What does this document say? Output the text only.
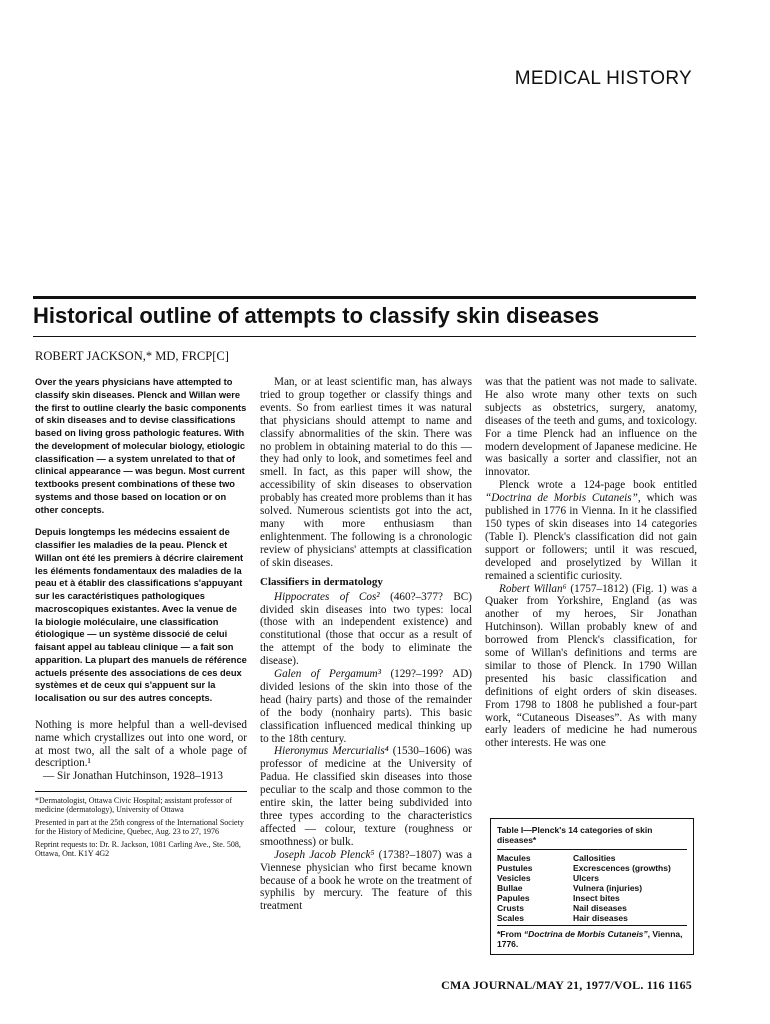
MEDICAL HISTORY
Historical outline of attempts to classify skin diseases
ROBERT JACKSON,* MD, FRCP[C]

Over the years physicians have attempted to classify skin diseases. Plenck and Willan were the first to outline clearly the basic components of skin diseases and to devise classifications based on living gross pathologic features. With the development of molecular biology, etiologic classification — a system unrelated to that of clinical appearance — was begun. Most current textbooks present combinations of these two systems and those based on location or on other concepts.

Depuis longtemps les médecins essaient de classifier les maladies de la peau. Plenck et Willan ont été les premiers à décrire clairement les éléments fondamentaux des maladies de la peau et à établir des classifications s'appuyant sur les caractéristiques pathologiques macroscopiques existantes. Avec la venue de la biologie moléculaire, une classification étiologique — un système dissocié de celui faisant appel au tableau clinique — a fait son apparition. La plupart des manuels de référence actuels présente des associations de ces deux systèmes et de ceux qui s'appuent sur la localisation ou sur des autres concepts.

Nothing is more helpful than a well-devised name which crystallizes out into one word, or at most two, all the salt of a whole page of description.¹

— Sir Jonathan Hutchinson, 1928–1913

*Dermatologist, Ottawa Civic Hospital; assistant professor of medicine (dermatology), University of Ottawa

Presented in part at the 25th congress of the International Society for the History of Medicine, Quebec, Aug. 23 to 27, 1976

Reprint requests to: Dr. R. Jackson, 1081 Carling Ave., Ste. 508, Ottawa, Ont. K1Y 4G2

Man, or at least scientific man, has always tried to group together or classify things and events. So from earliest times it was natural that physicians should attempt to name and classify abnormalities of the skin. There was no problem in obtaining material to do this — they had only to look, and sometimes feel and smell. In fact, as this paper will show, the accessibility of skin diseases to observation probably has created more problems than it has solved. Numerous scientists got into the act, many with more enthusiasm than enlightenment. The following is a chronologic review of physicians' attempts at classification of skin diseases.

Classifiers in dermatology

Hippocrates of Cos² (460?–377? BC) divided skin diseases into two types: local (those with an independent existence) and constitutional (those that occur as a result of the attempt of the body to eliminate the disease).

Galen of Pergamum³ (129?–199? AD) divided lesions of the skin into those of the head (hairy parts) and those of the remainder of the body (nonhairy parts). This basic classification influenced medical thinking up to the 18th century.

Hieronymus Mercurialis⁴ (1530–1606) was professor of medicine at the University of Padua. He classified skin diseases into those peculiar to the scalp and those common to the entire skin, the latter being subdivided into three types according to the characteristics affected — colour, texture (roughness or smoothness) or bulk.

Joseph Jacob Plenck⁵ (1738?–1807) was a Viennese physician who first became known because of a book he wrote on the treatment of syphilis by mercury. The feature of this treatment

was that the patient was not made to salivate. He also wrote many other texts on such subjects as obstetrics, surgery, anatomy, diseases of the teeth and gums, and toxicology. For a time Plenck had an influence on the modern development of Japanese medicine. He was basically a sorter and classifier, not an innovator.

Plenck wrote a 124-page book entitled “Doctrina de Morbis Cutaneis”, which was published in 1776 in Vienna. In it he classified 150 types of skin diseases into 14 categories (Table I). Plenck's classification did not gain support or followers; until it was rescued, developed and proselytized by Willan it remained a scientific curiosity.

Robert Willan⁶ (1757–1812) (Fig. 1) was a Quaker from Yorkshire, England (as was another of my heroes, Sir Jonathan Hutchinson). Willan probably knew of and borrowed from Plenck's classification, for some of Willan's definitions and terms are similar to those of Plenck. In 1790 Willan presented his basic classification and definitions of eight orders of skin diseases. From 1798 to 1808 he published a four-part work, “Cutaneous Diseases”. As with many early leaders of medicine he had numerous other interests. He was one

Table I—Plenck's 14 categories of skin diseases*

Macules	Callosities
Pustules	Excrescences (growths)
Vesicles	Ulcers
Bullae	Vulnera (injuries)
Papules	Insect bites
Crusts	Nail diseases
Scales	Hair diseases
*From “Doctrina de Morbis Cutaneis”, Vienna, 1776.
CMA JOURNAL/MAY 21, 1977/VOL. 116 1165
